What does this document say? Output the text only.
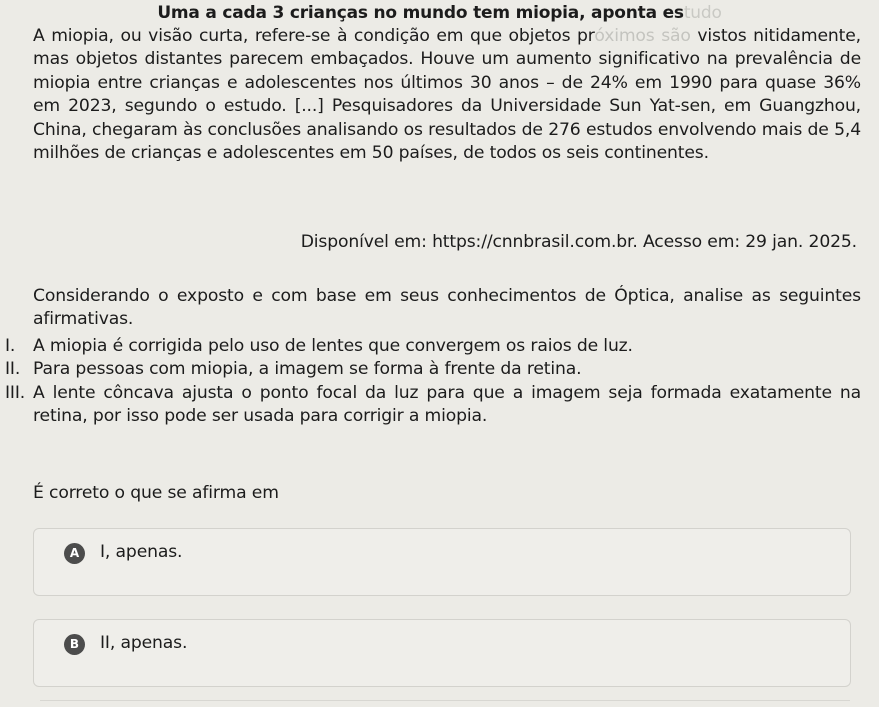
Uma a cada 3 crianças no mundo tem miopia, aponta estudo
A miopia, ou visão curta, refere-se à condição em que objetos próximos são vistos nitidamente, mas objetos distantes parecem embaçados. Houve um aumento significativo na prevalência de miopia entre crianças e adolescentes nos últimos 30 anos – de 24% em 1990 para quase 36% em 2023, segundo o estudo. [...] Pesquisadores da Universidade Sun Yat-sen, em Guangzhou, China, chegaram às conclusões analisando os resultados de 276 estudos envolvendo mais de 5,4 milhões de crianças e adolescentes em 50 países, de todos os seis continentes.
Disponível em: https://cnnbrasil.com.br. Acesso em: 29 jan. 2025.
Considerando o exposto e com base em seus conhecimentos de Óptica, analise as seguintes afirmativas.
I. A miopia é corrigida pelo uso de lentes que convergem os raios de luz.
II. Para pessoas com miopia, a imagem se forma à frente da retina.
III. A lente côncava ajusta o ponto focal da luz para que a imagem seja formada exatamente na retina, por isso pode ser usada para corrigir a miopia.
É correto o que se afirma em
A	I, apenas.
B	II, apenas.
